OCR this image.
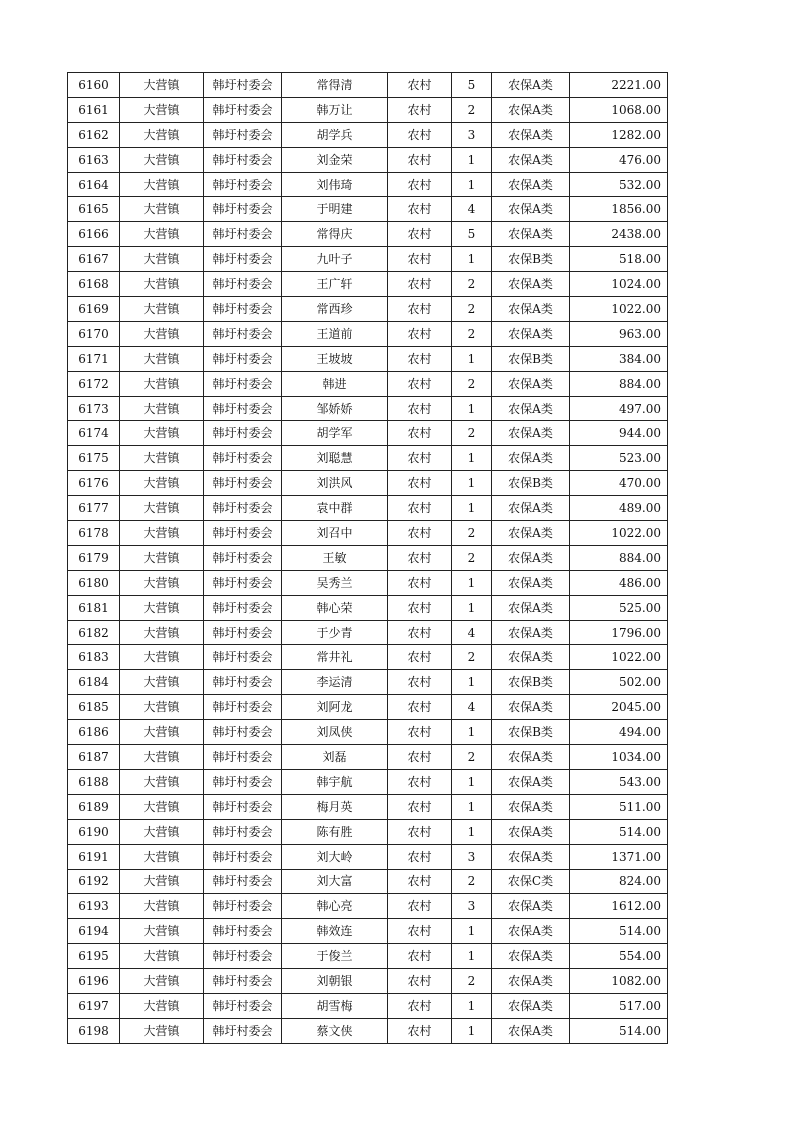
6160	大营镇	韩圩村委会	常得清	农村	5	农保A类	2221.00
6161	大营镇	韩圩村委会	韩万让	农村	2	农保A类	1068.00
6162	大营镇	韩圩村委会	胡学兵	农村	3	农保A类	1282.00
6163	大营镇	韩圩村委会	刘金荣	农村	1	农保A类	476.00
6164	大营镇	韩圩村委会	刘伟琦	农村	1	农保A类	532.00
6165	大营镇	韩圩村委会	于明建	农村	4	农保A类	1856.00
6166	大营镇	韩圩村委会	常得庆	农村	5	农保A类	2438.00
6167	大营镇	韩圩村委会	九叶子	农村	1	农保B类	518.00
6168	大营镇	韩圩村委会	王广轩	农村	2	农保A类	1024.00
6169	大营镇	韩圩村委会	常西珍	农村	2	农保A类	1022.00
6170	大营镇	韩圩村委会	王道前	农村	2	农保A类	963.00
6171	大营镇	韩圩村委会	王坡坡	农村	1	农保B类	384.00
6172	大营镇	韩圩村委会	韩进	农村	2	农保A类	884.00
6173	大营镇	韩圩村委会	邹娇娇	农村	1	农保A类	497.00
6174	大营镇	韩圩村委会	胡学军	农村	2	农保A类	944.00
6175	大营镇	韩圩村委会	刘聪慧	农村	1	农保A类	523.00
6176	大营镇	韩圩村委会	刘洪风	农村	1	农保B类	470.00
6177	大营镇	韩圩村委会	袁中群	农村	1	农保A类	489.00
6178	大营镇	韩圩村委会	刘召中	农村	2	农保A类	1022.00
6179	大营镇	韩圩村委会	王敏	农村	2	农保A类	884.00
6180	大营镇	韩圩村委会	吴秀兰	农村	1	农保A类	486.00
6181	大营镇	韩圩村委会	韩心荣	农村	1	农保A类	525.00
6182	大营镇	韩圩村委会	于少青	农村	4	农保A类	1796.00
6183	大营镇	韩圩村委会	常井礼	农村	2	农保A类	1022.00
6184	大营镇	韩圩村委会	李运清	农村	1	农保B类	502.00
6185	大营镇	韩圩村委会	刘阿龙	农村	4	农保A类	2045.00
6186	大营镇	韩圩村委会	刘凤侠	农村	1	农保B类	494.00
6187	大营镇	韩圩村委会	刘磊	农村	2	农保A类	1034.00
6188	大营镇	韩圩村委会	韩宇航	农村	1	农保A类	543.00
6189	大营镇	韩圩村委会	梅月英	农村	1	农保A类	511.00
6190	大营镇	韩圩村委会	陈有胜	农村	1	农保A类	514.00
6191	大营镇	韩圩村委会	刘大岭	农村	3	农保A类	1371.00
6192	大营镇	韩圩村委会	刘大富	农村	2	农保C类	824.00
6193	大营镇	韩圩村委会	韩心亮	农村	3	农保A类	1612.00
6194	大营镇	韩圩村委会	韩效连	农村	1	农保A类	514.00
6195	大营镇	韩圩村委会	于俊兰	农村	1	农保A类	554.00
6196	大营镇	韩圩村委会	刘朝银	农村	2	农保A类	1082.00
6197	大营镇	韩圩村委会	胡雪梅	农村	1	农保A类	517.00
6198	大营镇	韩圩村委会	蔡文侠	农村	1	农保A类	514.00
